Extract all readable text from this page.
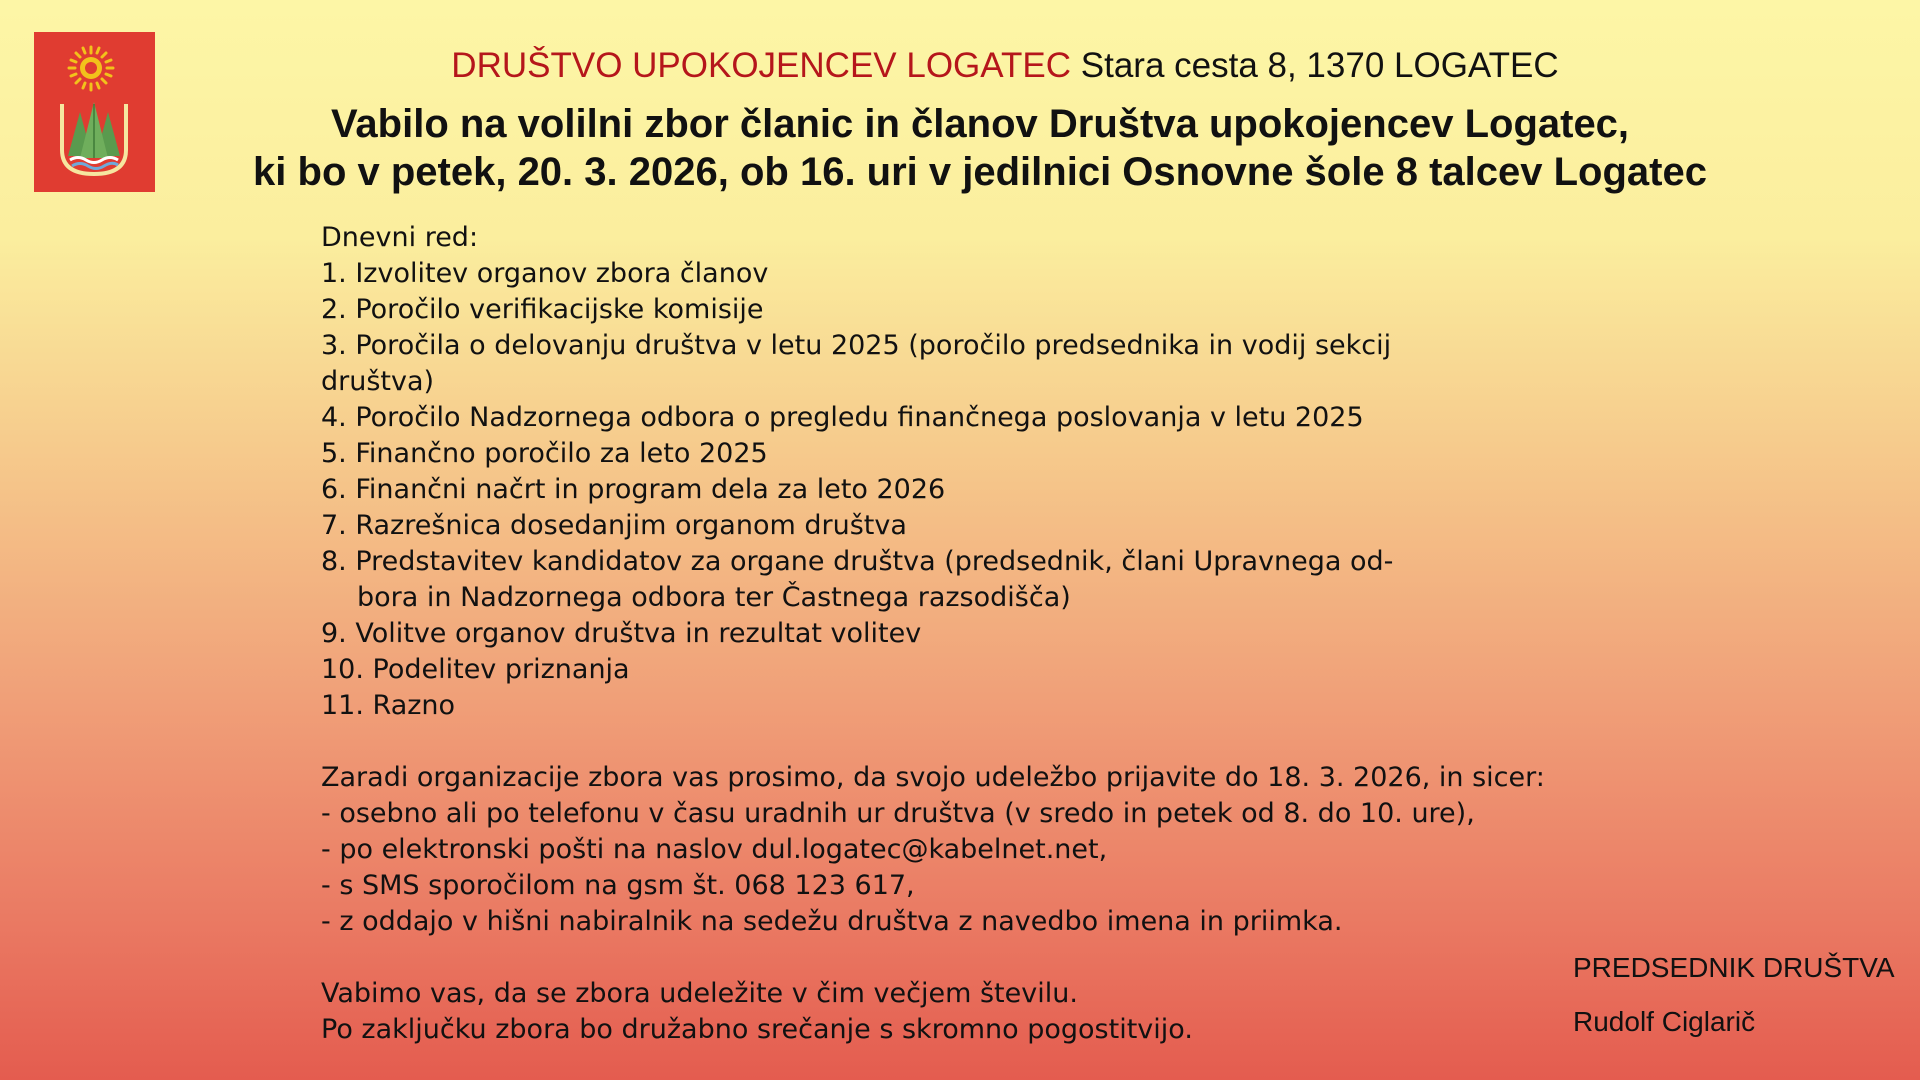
DRUŠTVO UPOKOJENCEV LOGATEC Stara cesta 8, 1370 LOGATEC
Vabilo na volilni zbor članic in članov Društva upokojencev Logatec,
ki bo v petek, 20. 3. 2026, ob 16. uri v jedilnici Osnovne šole 8 talcev Logatec

Dnevni red:

1. Izvolitev organov zbora članov

2. Poročilo verifikacijske komisije

3. Poročila o delovanju društva v letu 2025 (poročilo predsednika in vodij sekcij

društva)

4. Poročilo Nadzornega odbora o pregledu finančnega poslovanja v letu 2025

5. Finančno poročilo za leto 2025

6. Finančni načrt in program dela za leto 2026

7. Razrešnica dosedanjim organom društva

8. Predstavitev kandidatov za organe društva (predsednik, člani Upravnega od-

bora in Nadzornega odbora ter Častnega razsodišča)

9. Volitve organov društva in rezultat volitev

10. Podelitev priznanja

11. Razno

Zaradi organizacije zbora vas prosimo, da svojo udeležbo prijavite do 18. 3. 2026, in sicer:

- osebno ali po telefonu v času uradnih ur društva (v sredo in petek od 8. do 10. ure),

- po elektronski pošti na naslov dul.logatec@kabelnet.net,

- s SMS sporočilom na gsm št. 068 123 617,

- z oddajo v hišni nabiralnik na sedežu društva z navedbo imena in priimka.

Vabimo vas, da se zbora udeležite v čim večjem številu.

Po zaključku zbora bo družabno srečanje s skromno pogostitvijo.

PREDSEDNIK DRUŠTVA
Rudolf Ciglarič
